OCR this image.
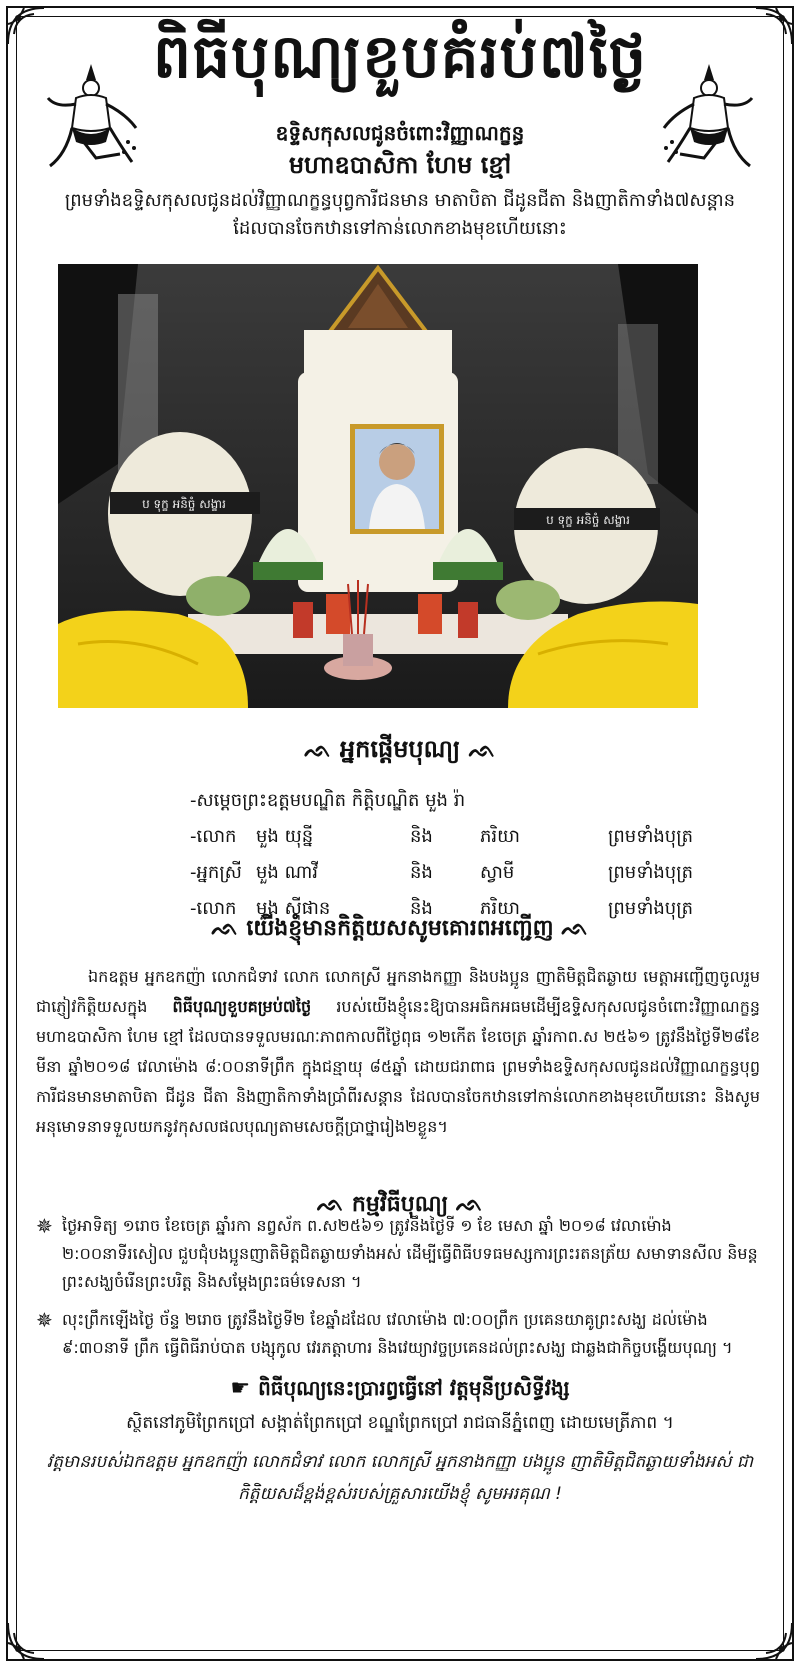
ពិធីបុណ្យខួបគំរប់៧ថ្ងៃ
ឧទ្ទិសកុសលជូនចំពោះវិញ្ញាណក្ខន្ធ
មហាឧបាសិកា ហែម ខ្មៅ
ព្រមទាំងឧទ្ទិសកុសលជូនដល់វិញ្ញាណក្ខន្ធបុព្វការីជនមាន មាតាបិតា ជីដូនជីតា និងញាតិកាទាំង៧សន្តាន
ដែលបានចែកឋានទៅកាន់លោកខាងមុខហើយនោះ
ប ទុក្ខ អនិច្ចំ សង្ខារ
ប ទុក្ខ អនិច្ចំ សង្ខារ
ᨒ អ្នកផ្តើមបុណ្យ ᨒ
-សម្តេចព្រះឧត្តមបណ្ឌិត កិត្តិបណ្ឌិត មួង រ៉ា
-លោក មួង យុន្នី	និង	ភរិយា	ព្រមទាំងបុត្រ
-អ្នកស្រី មួង ណាវី	និង	ស្វាមី	ព្រមទាំងបុត្រ
-លោក មួង ស៊ីផាន	និង	ភរិយា	ព្រមទាំងបុត្រ
ᨒ យើងខ្ញុំមានកិត្តិយសសូមគោរពអញ្ជើញ ᨒ
ឯកឧត្តម អ្នកឧកញ៉ា លោកជំទាវ លោក លោកស្រី អ្នកនាងកញ្ញា និងបងប្អូន ញាតិមិត្តជិតឆ្ងាយ មេត្តាអញ្ជើញចូលរួមជាភ្ញៀវកិត្តិយសក្នុង ពិធីបុណ្យខួបគម្រប់៧ថ្ងៃ របស់យើងខ្ញុំនេះឱ្យបានអធិកអធមដើម្បីឧទ្ទិសកុសលជូនចំពោះវិញ្ញាណក្ខន្ធមហាឧបាសិកា ហែម ខ្មៅ ដែលបានទទួលមរណៈភាពកាលពីថ្ងៃពុធ ១២កើត ខែចេត្រ ឆ្នាំរកាព.ស ២៥៦១ ត្រូវនឹងថ្ងៃទី២៨ខែមីនា ឆ្នាំ២០១៨ វេលាម៉ោង ៨:០០នាទីព្រឹក ក្នុងជន្មាយុ ៨៥ឆ្នាំ ដោយជរាពាធ ព្រមទាំងឧទ្ទិសកុសលជូនដល់វិញ្ញាណក្ខន្ធបុព្វការីជនមានមាតាបិតា ជីដូន ជីតា និងញាតិកាទាំងប្រាំពីរសន្តាន ដែលបានចែកឋានទៅកាន់លោកខាងមុខហើយនោះ និងសូមអនុមោទនាទទួលយកនូវកុសលផលបុណ្យតាមសេចក្តីប្រាថ្នារៀង២ខ្លួន។
ᨒ កម្មវិធីបុណ្យ ᨒ
✵ ថ្ងៃអាទិត្យ ១រោច ខែចេត្រ ឆ្នាំរកា នព្វស័ក ព.ស២៥៦១ ត្រូវនឹងថ្ងៃទី ១ ខែ មេសា ឆ្នាំ ២០១៨ វេលាម៉ោង
២:០០នាទីរសៀល ជួបជុំបងប្អូនញាតិមិត្តជិតឆ្ងាយទាំងអស់ ដើម្បីធ្វើពិធីបទធមស្សការព្រះរតនត្រ័យ សមាទានសីល និមន្តព្រះសង្ឃចំរើនព្រះបរិត្ត និងសម្តែងព្រះធម៌ទេសនា ។
✵ លុះព្រឹកឡើងថ្ងៃ ច័ន្ទ ២រោច ត្រូវនឹងថ្ងៃទី២ ខែឆ្នាំដដែល វេលាម៉ោង ៧:០០ព្រឹក ប្រគេនយាគូព្រះសង្ឃ ដល់ម៉ោង
៩:៣០នាទី ព្រឹក ធ្វើពិធីរាប់បាត បង្សុកូល វេរភត្តាហារ និងវេយ្យាវច្ចប្រគេនដល់ព្រះសង្ឃ ជាឆ្លងជាកិច្ចបង្ហើយបុណ្យ ។
☛ ពិធីបុណ្យនេះប្រារព្ធធ្វើនៅ វត្តមុនីប្រសិទ្ធីវង្ស
ស្ថិតនៅភូមិព្រែកប្រៅ សង្កាត់ព្រែកប្រៅ ខណ្ឌព្រែកប្រៅ រាជធានីភ្នំពេញ ដោយមេត្រីភាព ។
វត្តមានរបស់ឯកឧត្តម អ្នកឧកញ៉ា លោកជំទាវ លោក លោកស្រី អ្នកនាងកញ្ញា បងប្អូន ញាតិមិត្តជិតឆ្ងាយទាំងអស់ ជាកិត្តិយសដ៏ខ្ពង់ខ្ពស់របស់គ្រួសារយើងខ្ញុំ សូមអរគុណ !
